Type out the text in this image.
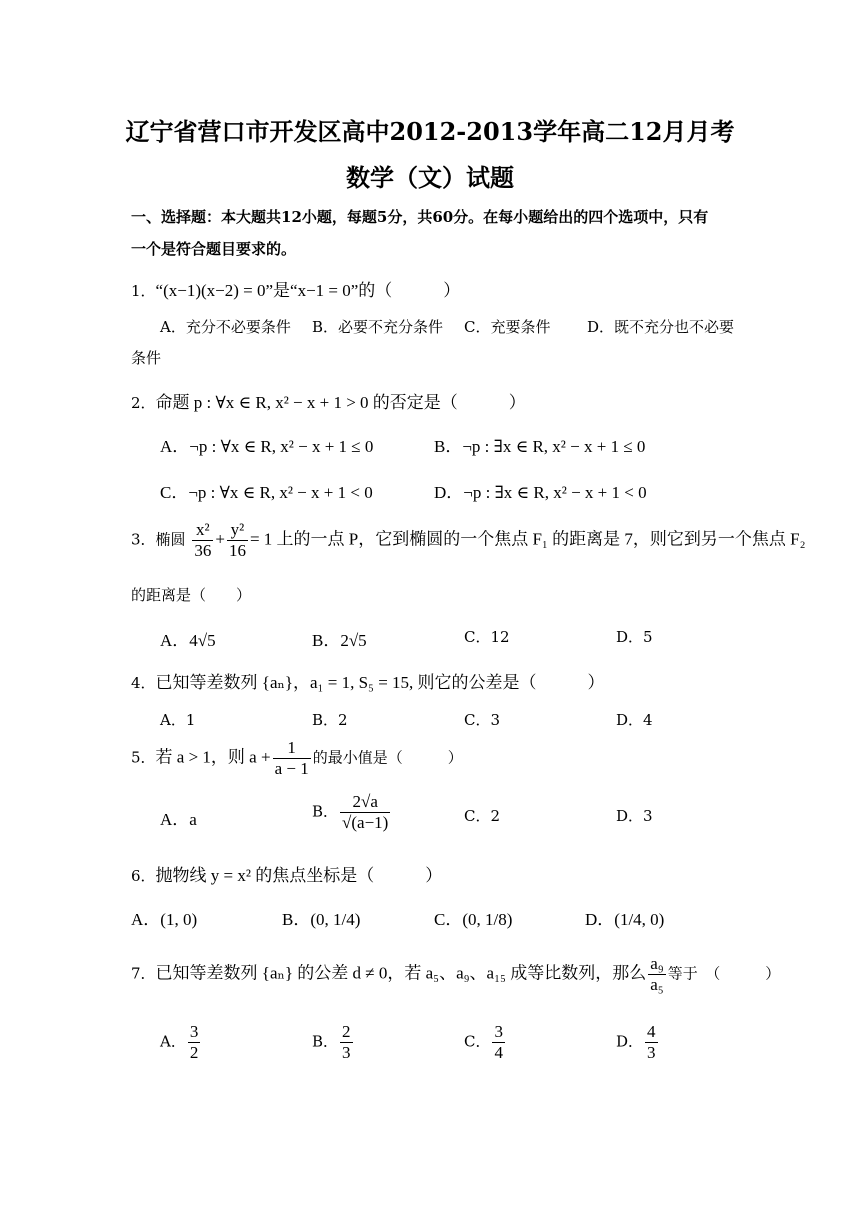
辽宁省营口市开发区高中2012-2013学年高二12月月考
数学（文）试题
一、选择题：本大题共12小题，每题5分，共60分。在每小题给出的四个选项中，只有
一个是符合题目要求的。
1．“(x−1)(x−2) = 0”是“x−1 = 0”的（　　　）
A．充分不必要条件 B．必要不充分条件 C．充要条件 D．既不充分也不必要
条件
2．命题 p : ∀x ∈ R, x² − x + 1 > 0 的否定是（　　　）
A．¬p : ∀x ∈ R, x² − x + 1 ≤ 0	B．¬p : ∃x ∈ R, x² − x + 1 ≤ 0
C．¬p : ∀x ∈ R, x² − x + 1 < 0	D．¬p : ∃x ∈ R, x² − x + 1 < 0
3．椭圆 $\frac{\text{x²}}{36} + \frac{\text{y²}}{16} = 1$ 上的一点 P，它到椭圆的一个焦点 F₁ 的距离是 7，则它到另一个焦点 F₂
的距离是（　　）
A．4√5	B．2√5	C．12	D．5
4．已知等差数列 {aₙ}，a₁ = 1, S₅ = 15, 则它的公差是（　　　）
A．1	B．2	C．3	D．4
5．若 a > 1，则 $a + \frac{1}{a - 1}$ 的最小值是（　　　）
A．a	B． $\frac{2√a}{√(a-1)}$	C．2	D．3
6．抛物线 y = x² 的焦点坐标是（　　　）
A．(1, 0)	B．(0, 1/4)	C．(0, 1/8)	D．(1/4, 0)
7．已知等差数列 {aₙ} 的公差 d ≠ 0，若 a₅、a₉、a₁₅ 成等比数列，那么 $\frac{\text{a₉}}{\text{a₅}}$ 等于　（　　　）
A． $\frac{3}{2}$	B． $\frac{2}{3}$	C． $\frac{3}{4}$	D． $\frac{4}{3}$
